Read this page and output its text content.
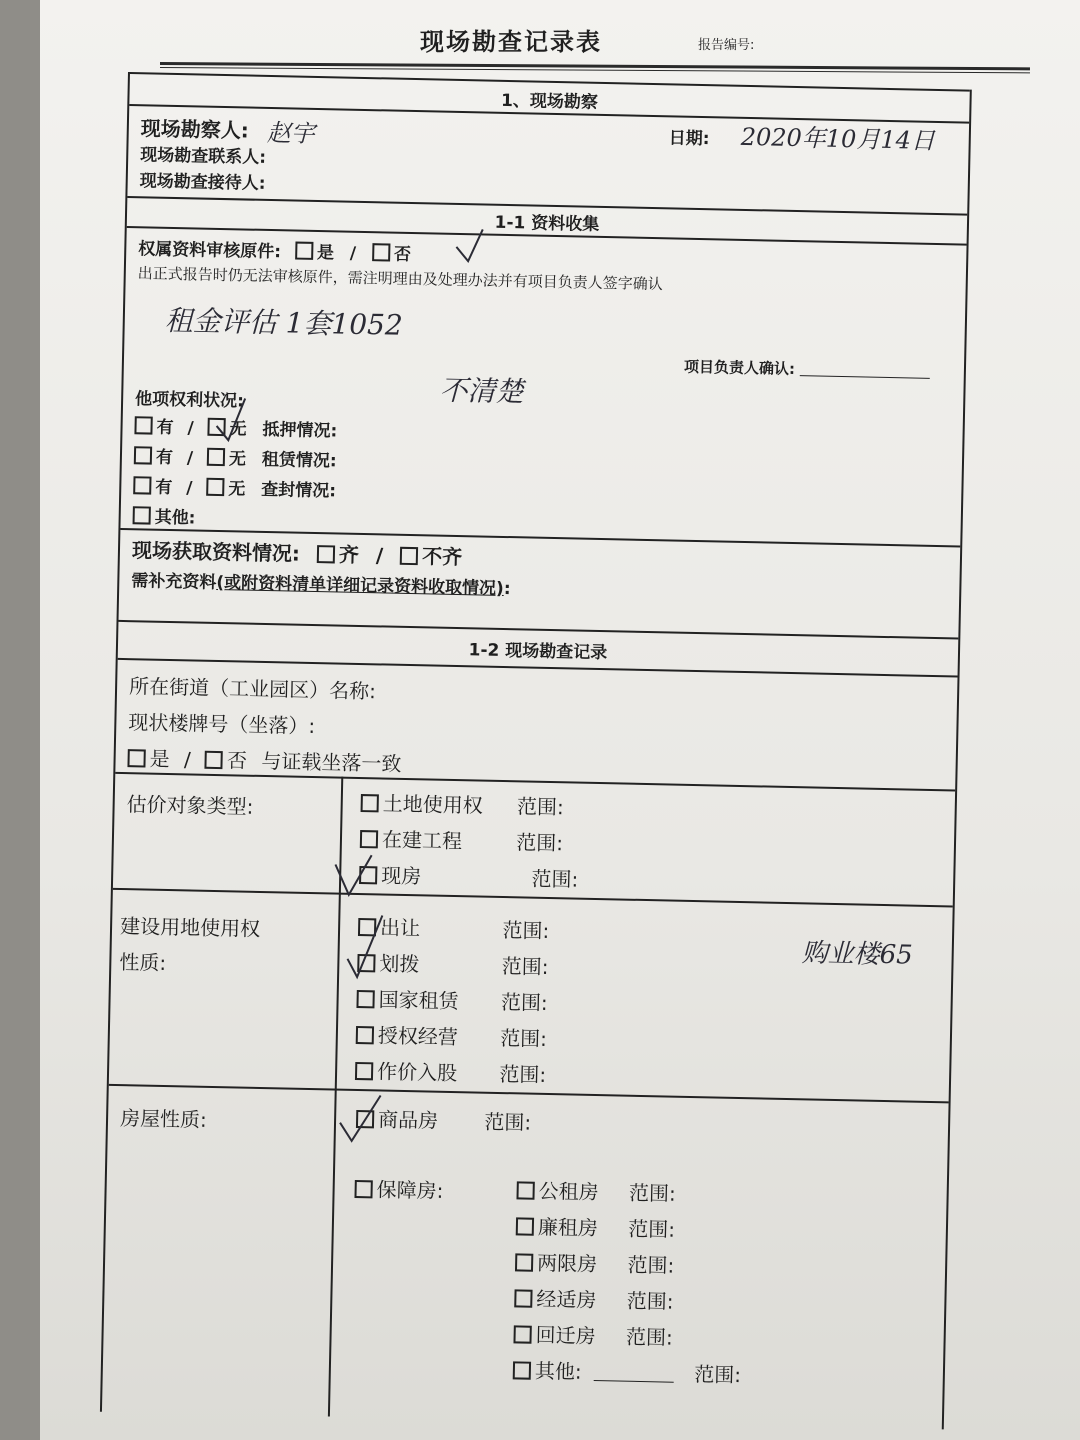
现场勘查记录表	报告编号:
1、现场勘察
现场勘察人: 赵宇	日期: 2020年10月14日
现场勘查联系人:
现场勘查接待人:
1-1 资料收集
权属资料审核原件: 是 / 否
出正式报告时仍无法审核原件，需注明理由及处理办法并有项目负责人签字确认
租金评估 1套1052
项目负责人确认:
他项权利状况:	不清楚
有 / 无 抵押情况:
有 / 无 租赁情况:
有 / 无 查封情况:
其他:
现场获取资料情况: 齐 / 不齐
需补充资料(或附资料清单详细记录资料收取情况):
1-2 现场勘查记录
所在街道（工业园区）名称:
现状楼牌号（坐落）:
是 / 否 与证载坐落一致
估价对象类型:	土地使用权 范围:
在建工程	范围:
现房	范围:
建设用地使用权
性质:	购业楼65
出让	范围:
划拨	范围:
国家租赁 范围:
授权经营 范围:
作价入股 范围:
房屋性质:	商品房 范围:
保障房:	公租房 范围:
廉租房 范围:
两限房 范围:
经适房 范围:
回迁房 范围:
其他:	范围:
